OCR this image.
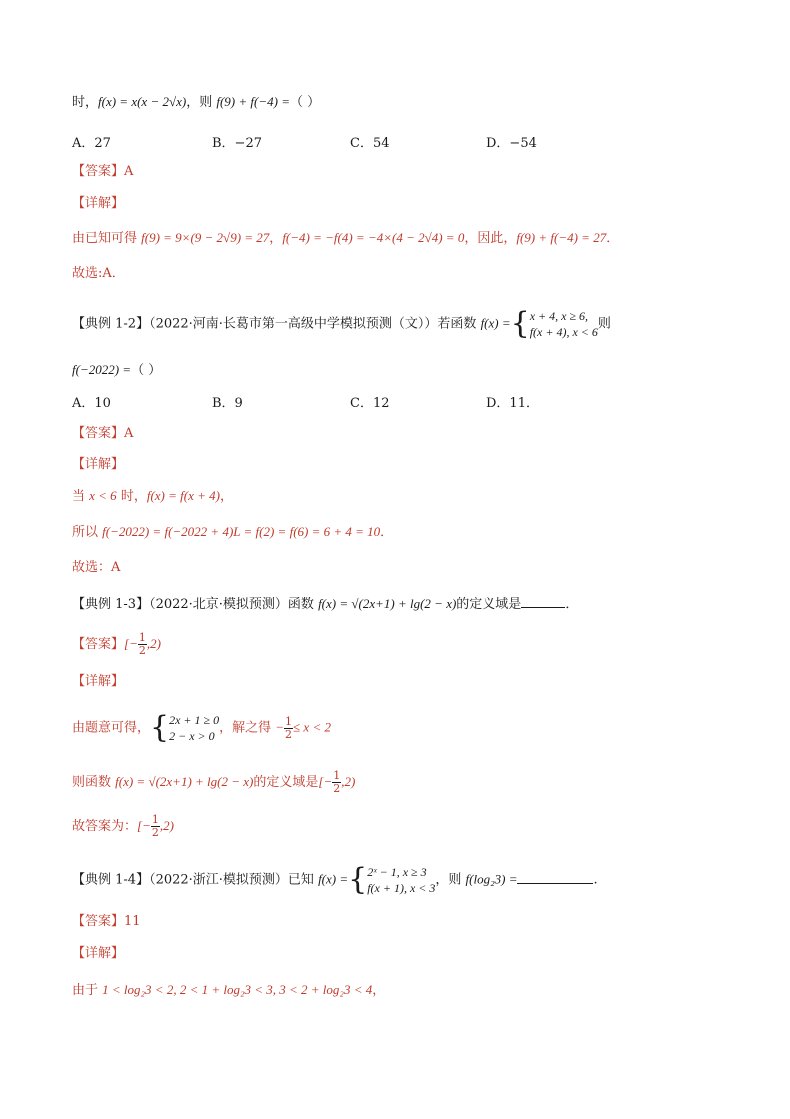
时，f(x) = x(x − 2√x)，则 f(9) + f(−4) =（ ）
A．27	B．−27	C．54	D．−54
【答案】A
【详解】
由已知可得 f(9) = 9×(9 − 2√9) = 27，f(−4) = −f(4) = −4×(4 − 2√4) = 0，因此，f(9) + f(−4) = 27．
故选:A．
【典例 1-2】（2022·河南·长葛市第一高级中学模拟预测（文））若函数 f(x) ={ x + 4, x ≥ 6,
f(x + 4), x < 6
则
f(−2022) =（ ）
A．10	B．9	C．12	D．11．
【答案】A
【详解】
当 x < 6 时，f(x) = f(x + 4)，
所以 f(−2022) = f(−2022 + 4)L = f(2) = f(6) = 6 + 4 = 10．
故选：A
【典例 1-3】（2022·北京·模拟预测）函数 f(x) = √(2x+1) + lg(2 − x)的定义域是	．
【答案】[− $\frac{1}{2} ,2$)
【详解】
由题意可得，{ 2x + 1 ≥ 0
2 − x > 0
，解之得 − $\frac{1}{2} \le x < 2$
则函数 f(x) = √(2x+1) + lg(2 − x)的定义域是[− $\frac{1}{2} ,2$)
故答案为：[− $\frac{1}{2} ,2$)
【典例 1-4】（2022·浙江·模拟预测）已知 f(x) ={ 2ˣ − 1, x ≥ 3
f(x + 1), x < 3
，则 f(log₂3) =	.
【答案】11
【详解】
由于 1 < log₂3 < 2, 2 < 1 + log₂3 < 3, 3 < 2 + log₂3 < 4，
